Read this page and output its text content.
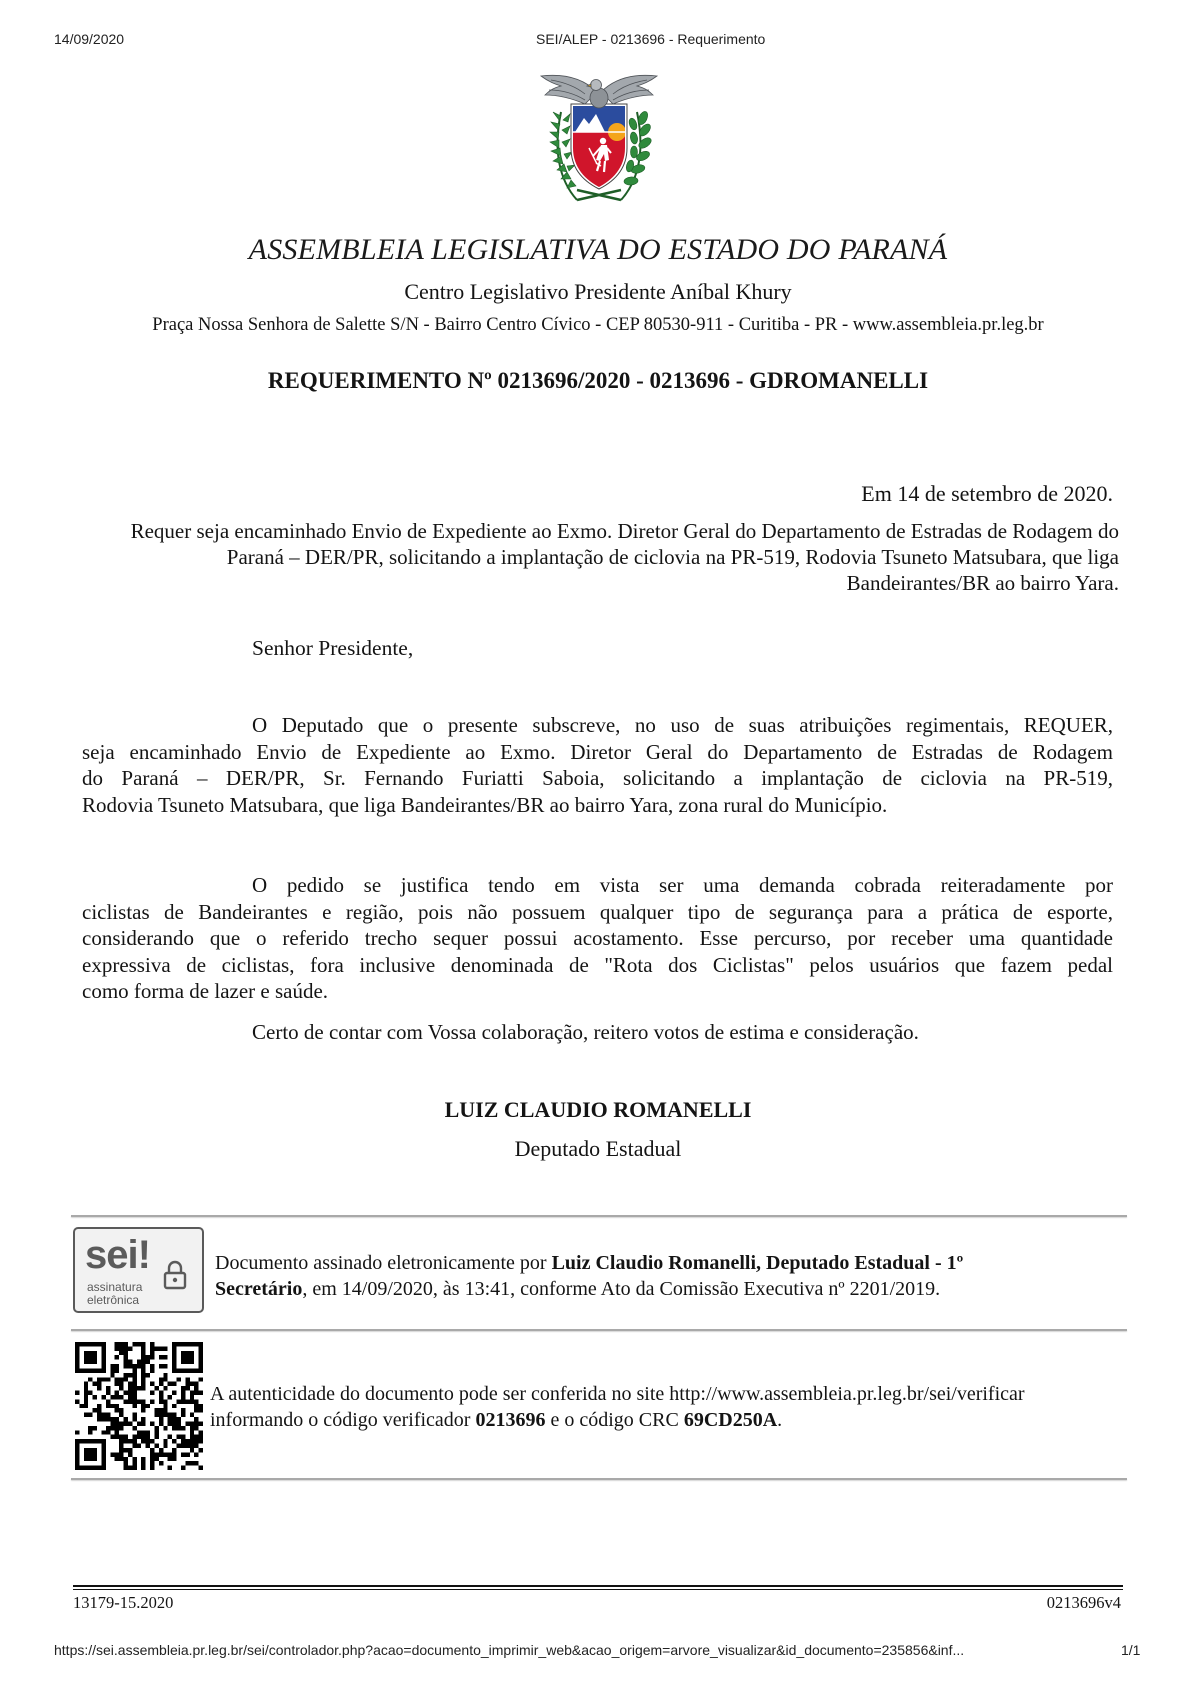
14/09/2020	SEI/ALEP - 0213696 - Requerimento
ASSEMBLEIA LEGISLATIVA DO ESTADO DO PARANÁ
Centro Legislativo Presidente Aníbal Khury
Praça Nossa Senhora de Salette S/N - Bairro Centro Cívico - CEP 80530-911 - Curitiba - PR - www.assembleia.pr.leg.br
REQUERIMENTO Nº 0213696/2020 - 0213696 - GDROMANELLI
Em 14 de setembro de 2020.
Requer seja encaminhado Envio de Expediente ao Exmo. Diretor Geral do Departamento de Estradas de Rodagem do
Paraná – DER/PR, solicitando a implantação de ciclovia na PR-519, Rodovia Tsuneto Matsubara, que liga
Bandeirantes/BR ao bairro Yara.
Senhor Presidente,
O Deputado que o presente subscreve, no uso de suas atribuições regimentais, REQUER,
seja encaminhado Envio de Expediente ao Exmo. Diretor Geral do Departamento de Estradas de Rodagem
do Paraná – DER/PR, Sr. Fernando Furiatti Saboia, solicitando a implantação de ciclovia na PR-519,
Rodovia Tsuneto Matsubara, que liga Bandeirantes/BR ao bairro Yara, zona rural do Município.
O pedido se justifica tendo em vista ser uma demanda cobrada reiteradamente por
ciclistas de Bandeirantes e região, pois não possuem qualquer tipo de segurança para a prática de esporte,
considerando que o referido trecho sequer possui acostamento. Esse percurso, por receber uma quantidade
expressiva de ciclistas, fora inclusive denominada de "Rota dos Ciclistas" pelos usuários que fazem pedal
como forma de lazer e saúde.
Certo de contar com Vossa colaboração, reitero votos de estima e consideração.
LUIZ CLAUDIO ROMANELLI
Deputado Estadual
sei!
assinatura
eletrônica
Documento assinado eletronicamente por Luiz Claudio Romanelli, Deputado Estadual - 1º
Secretário, em 14/09/2020, às 13:41, conforme Ato da Comissão Executiva nº 2201/2019.
A autenticidade do documento pode ser conferida no site http://www.assembleia.pr.leg.br/sei/verificar
informando o código verificador 0213696 e o código CRC 69CD250A.
13179-15.2020	0213696v4
https://sei.assembleia.pr.leg.br/sei/controlador.php?acao=documento_imprimir_web&acao_origem=arvore_visualizar&id_documento=235856&inf...	1/1
